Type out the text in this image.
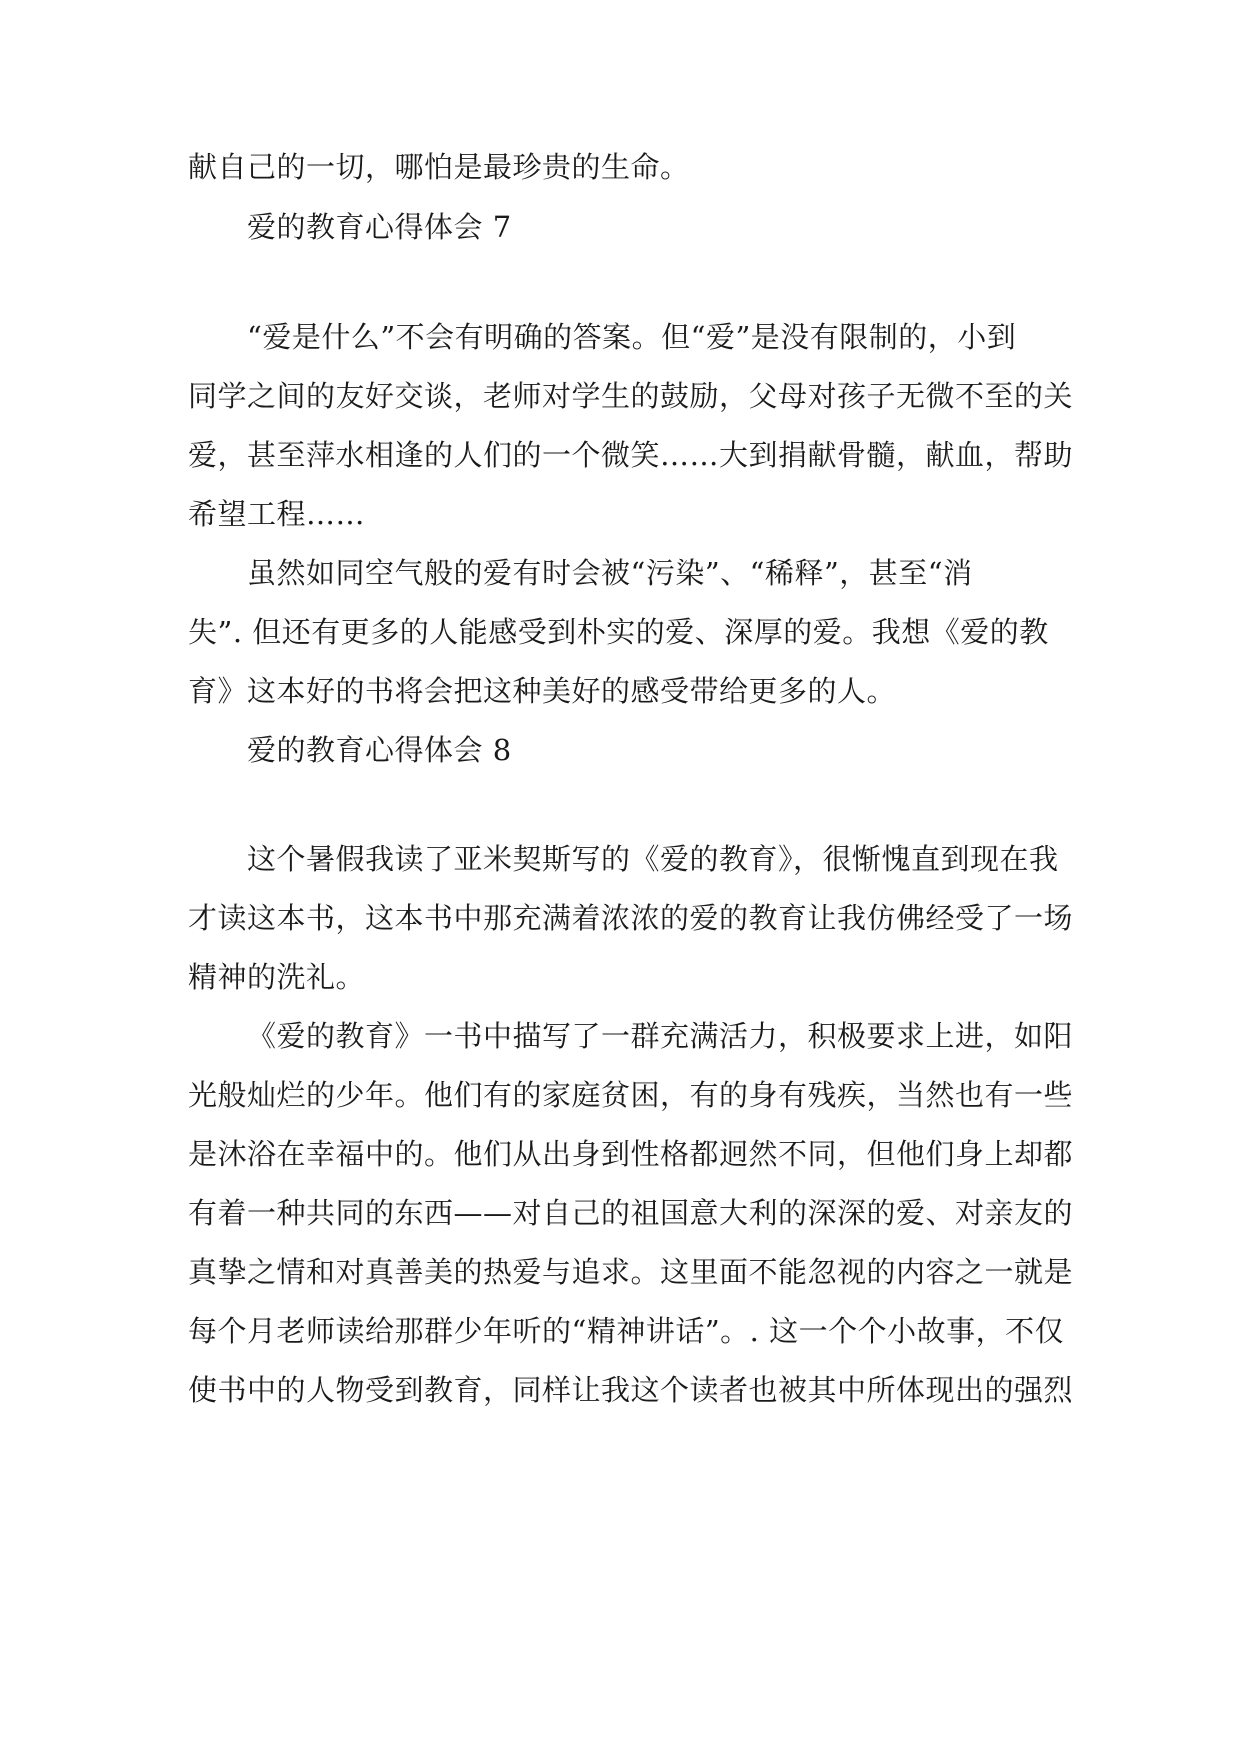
献自己的一切，哪怕是最珍贵的生命。
爱的教育心得体会 7
“爱是什么”不会有明确的答案。但“爱”是没有限制的，小到
同学之间的友好交谈，老师对学生的鼓励，父母对孩子无微不至的关
爱，甚至萍水相逢的人们的一个微笑……大到捐献骨髓，献血，帮助
希望工程……
虽然如同空气般的爱有时会被“污染”、“稀释”，甚至“消
失”. 但还有更多的人能感受到朴实的爱、深厚的爱。我想《爱的教
育》这本好的书将会把这种美好的感受带给更多的人。
爱的教育心得体会 8
这个暑假我读了亚米契斯写的《爱的教育》，很惭愧直到现在我
才读这本书，这本书中那充满着浓浓的爱的教育让我仿佛经受了一场
精神的洗礼。
《爱的教育》一书中描写了一群充满活力，积极要求上进，如阳
光般灿烂的少年。他们有的家庭贫困，有的身有残疾，当然也有一些
是沐浴在幸福中的。他们从出身到性格都迥然不同，但他们身上却都
有着一种共同的东西——对自己的祖国意大利的深深的爱、对亲友的
真挚之情和对真善美的热爱与追求。这里面不能忽视的内容之一就是
每个月老师读给那群少年听的“精神讲话”。. 这一个个小故事，不仅
使书中的人物受到教育，同样让我这个读者也被其中所体现出的强烈
